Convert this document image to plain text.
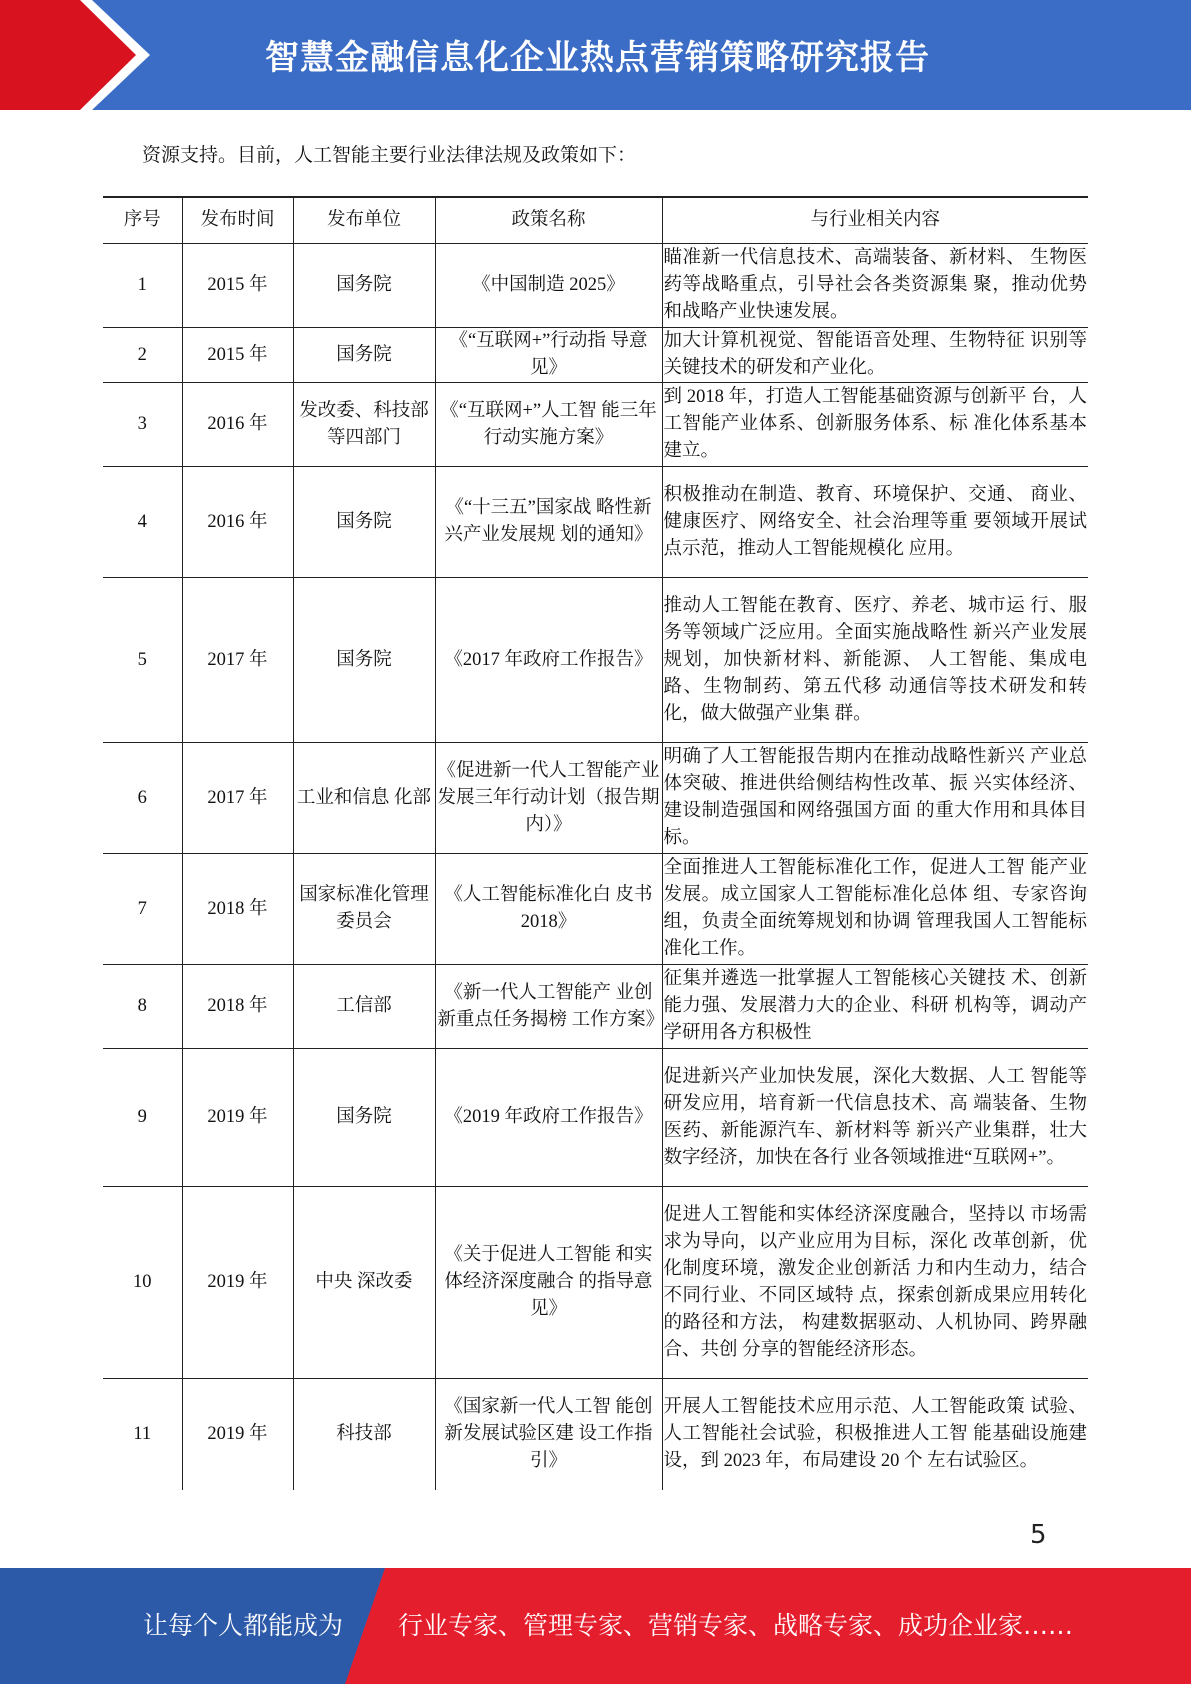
智慧金融信息化企业热点营销策略研究报告
资源支持。目前，人工智能主要行业法律法规及政策如下：
序号	发布时间	发布单位	政策名称	与行业相关内容
1	2015 年	国务院	《中国制造 2025》	瞄准新一代信息技术、高端装备、新材料、 生物医药等战略重点，引导社会各类资源集 聚，推动优势和战略产业快速发展。
2	2015 年	国务院	《“互联网+”行动指 导意见》	加大计算机视觉、智能语音处理、生物特征 识别等关键技术的研发和产业化。
3	2016 年	发改委、科技部等四部门	《“互联网+”人工智 能三年行动实施方案》	到 2018 年，打造人工智能基础资源与创新平 台，人工智能产业体系、创新服务体系、标 准化体系基本建立。
4	2016 年	国务院	《“十三五”国家战 略性新兴产业发展规 划的通知》	积极推动在制造、教育、环境保护、交通、 商业、健康医疗、网络安全、社会治理等重 要领域开展试点示范，推动人工智能规模化 应用。
5	2017 年	国务院	《2017 年政府工作报告》	推动人工智能在教育、医疗、养老、城市运 行、服务等领域广泛应用。全面实施战略性 新兴产业发展规划，加快新材料、新能源、 人工智能、集成电路、生物制药、第五代移 动通信等技术研发和转化，做大做强产业集 群。
6	2017 年	工业和信息 化部	《促进新一代人工智能产业发展三年行动计划（报告期内）》	明确了人工智能报告期内在推动战略性新兴 产业总体突破、推进供给侧结构性改革、振 兴实体经济、建设制造强国和网络强国方面 的重大作用和具体目标。
7	2018 年	国家标准化管理委员会	《人工智能标准化白 皮书 2018》	全面推进人工智能标准化工作，促进人工智 能产业发展。成立国家人工智能标准化总体 组、专家咨询组，负责全面统筹规划和协调 管理我国人工智能标准化工作。
8	2018 年	工信部	《新一代人工智能产 业创新重点任务揭榜 工作方案》	征集并遴选一批掌握人工智能核心关键技 术、创新能力强、发展潜力大的企业、科研 机构等，调动产学研用各方积极性
9	2019 年	国务院	《2019 年政府工作报告》	促进新兴产业加快发展，深化大数据、人工 智能等研发应用，培育新一代信息技术、高 端装备、生物医药、新能源汽车、新材料等 新兴产业集群，壮大数字经济，加快在各行 业各领域推进“互联网+”。
10	2019 年	中央 深改委	《关于促进人工智能 和实体经济深度融合 的指导意见》	促进人工智能和实体经济深度融合，坚持以 市场需求为导向，以产业应用为目标，深化 改革创新，优化制度环境，激发企业创新活 力和内生动力，结合不同行业、不同区域特 点，探索创新成果应用转化的路径和方法， 构建数据驱动、人机协同、跨界融合、共创 分享的智能经济形态。
11	2019 年	科技部	《国家新一代人工智 能创新发展试验区建 设工作指引》	开展人工智能技术应用示范、人工智能政策 试验、人工智能社会试验，积极推进人工智 能基础设施建设，到 2023 年，布局建设 20 个 左右试验区。
5
让每个人都能成为 行业专家、管理专家、营销专家、战略专家、成功企业家……
